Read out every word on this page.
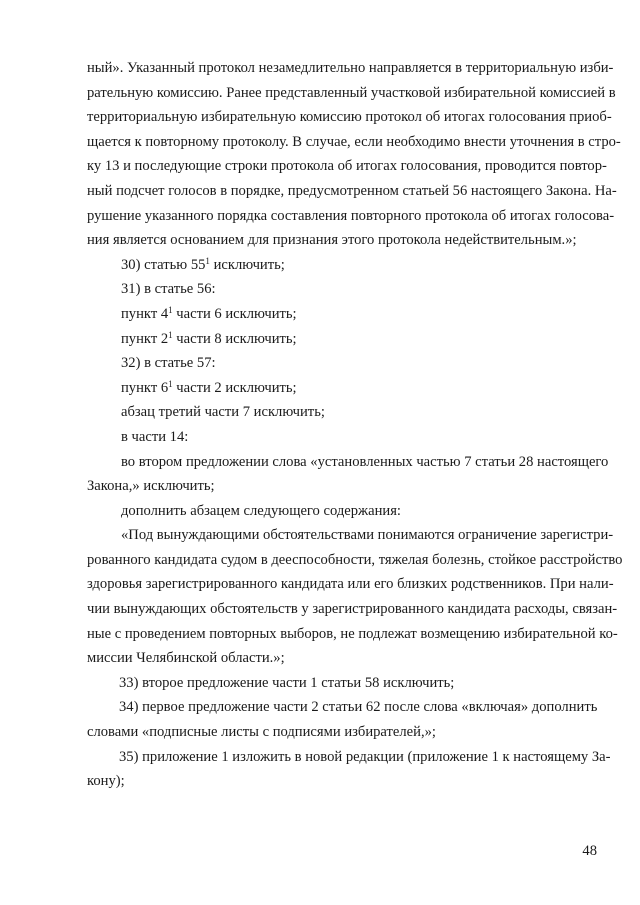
ный». Указанный протокол незамедлительно направляется в территориальную изби-
рательную комиссию. Ранее представленный участковой избирательной комиссией в
территориальную избирательную комиссию протокол об итогах голосования приоб-
щается к повторному протоколу. В случае, если необходимо внести уточнения в стро-
ку 13 и последующие строки протокола об итогах голосования, проводится повтор-
ный подсчет голосов в порядке, предусмотренном статьей 56 настоящего Закона. На-
рушение указанного порядка составления повторного протокола об итогах голосова-
ния является основанием для признания этого протокола недействительным.»;
30) статью $55^1$ исключить;
31) в статье 56:
пункт $4^1$ части 6 исключить;
пункт $2^1$ части 8 исключить;
32) в статье 57:
пункт $6^1$ части 2 исключить;
абзац третий части 7 исключить;
в части 14:
во втором предложении слова «установленных частью 7 статьи 28 настоящего
Закона,» исключить;
дополнить абзацем следующего содержания:
«Под вынуждающими обстоятельствами понимаются ограничение зарегистри-
рованного кандидата судом в дееспособности, тяжелая болезнь, стойкое расстройство
здоровья зарегистрированного кандидата или его близких родственников. При нали-
чии вынуждающих обстоятельств у зарегистрированного кандидата расходы, связан-
ные с проведением повторных выборов, не подлежат возмещению избирательной ко-
миссии Челябинской области.»;
33) второе предложение части 1 статьи 58 исключить;
34) первое предложение части 2 статьи 62 после слова «включая» дополнить
словами «подписные листы с подписями избирателей,»;
35) приложение 1 изложить в новой редакции (приложение 1 к настоящему За-
кону);
48
